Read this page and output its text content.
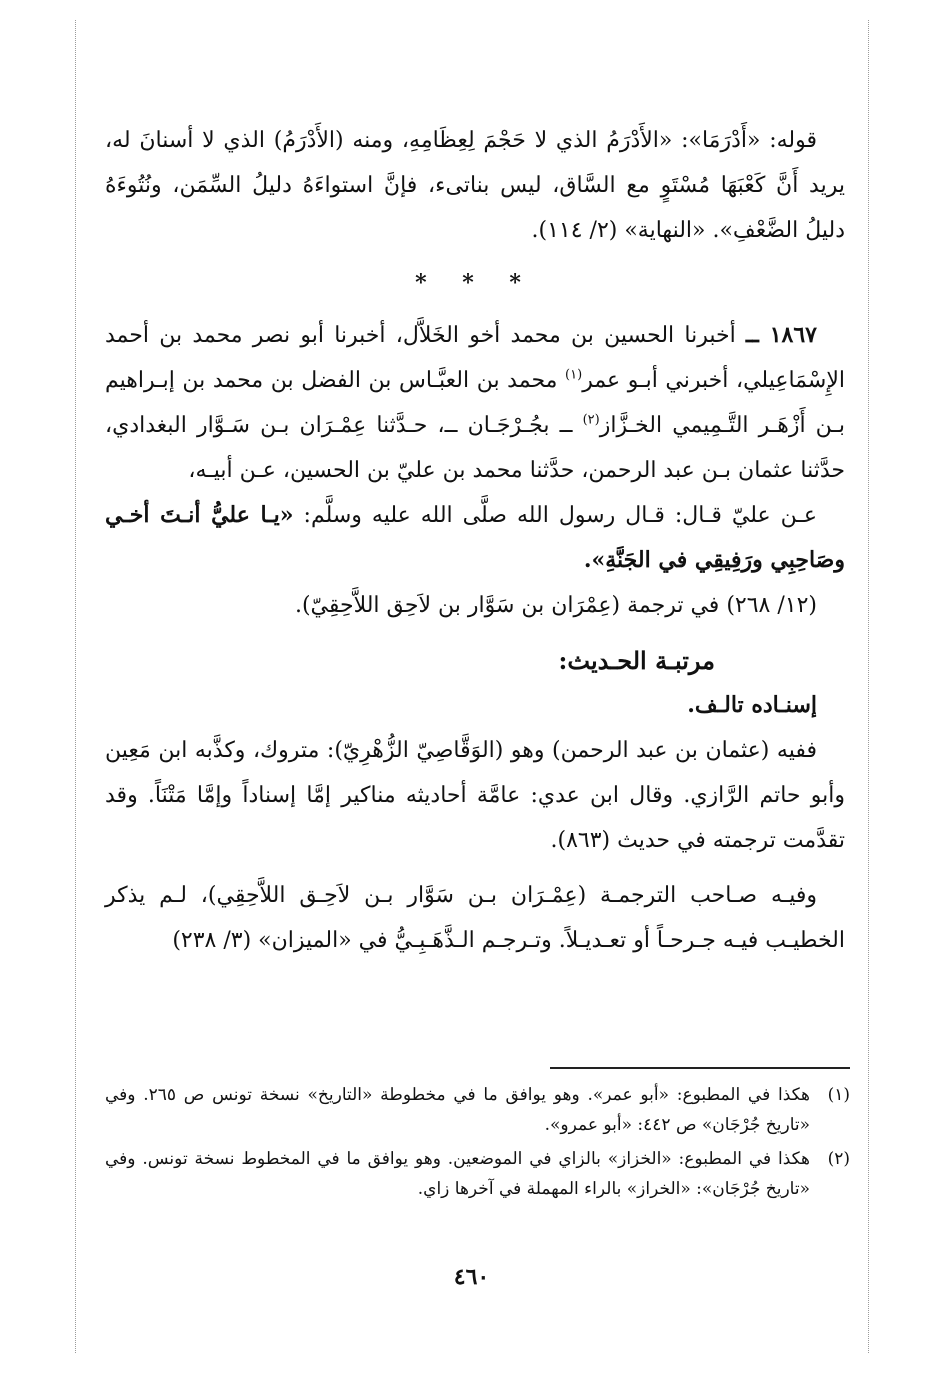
قوله: «أَدْرَمَا»: «الأَدْرَمُ الذي لا حَجْمَ لِعِظَامِهِ، ومنه (الأَدْرَمُ) الذي لا أسنانَ له، يريد أَنَّ كَعْبَهَا مُسْتَوٍ مع السَّاق، ليس بناتىء، فإنَّ استواءَهُ دليلُ السِّمَن، ونُتُوءَهُ دليلُ الضَّعْفِ». «النهاية» (٢/ ١١٤).

* * *

١٨٦٧ ــ أخبرنا الحسين بن محمد أخو الخَلاَّل، أخبرنا أبو نصر محمد بن أحمد الإِسْمَاعِيلي، أخبرني أبـو عمر$^{(١)}$ محمد بن العبَّـاس بن الفضل بن محمد بن إبـراهيم بـن أَزْهَـر التَّـمِيمي الخـزَّاز$^{(٢)}$ ــ بجُـرْجَـان ــ، حـدَّثنا عِمْـرَان بـن سَـوَّار البغدادي، حدَّثنا عثمان بـن عبد الرحمن، حدَّثنا محمد بن عليّ بن الحسين، عـن أبيـه،

عـن عليّ قـال: قـال رسول الله صلَّى الله عليه وسلَّم: «يـا عليُّ أنـتَ أخـي وصَاحِبِي ورَفِيقِي في الجَنَّةِ».

(١٢/ ٢٦٨) في ترجمة (عِمْرَان بن سَوَّار بن لاَحِق اللاَّحِقِيّ).

مرتبـة الحـديث:

إسنـاده تالـف.

ففيه (عثمان بن عبد الرحمن) وهو (الوَقَّاصِيّ الزُّهْرِيّ): متروك، وكذَّبه ابن مَعِين وأبو حاتم الرَّازي. وقال ابن عدي: عامَّة أحاديثه مناكير إمَّا إسناداً وإمَّا مَتْنَاً. وقد تقدَّمت ترجمته في حديث (٨٦٣).

وفيـه صـاحب الترجمـة (عِمْـرَان بـن سَوَّار بـن لاَحِـق اللاَّحِقِي)، لـم يذكر الخطيـب فيـه جـرحـاً أو تعـديـلاً. وتـرجـم الـذَّهَـبِـيُّ في «الميزان» (٣/ ٢٣٨)

(١)
هكذا في المطبوع: «أبو عمر». وهو يوافق ما في مخطوطة «التاريخ» نسخة تونس ص ٢٦٥. وفي «تاريخ جُرْجَان» ص ٤٤٢: «أبو عمرو».

(٢)
هكذا في المطبوع: «الخزاز» بالزاي في الموضعين. وهو يوافق ما في المخطوط نسخة تونس. وفي «تاريخ جُرْجَان»: «الخراز» بالراء المهملة في آخرها زاي.

٤٦٠
